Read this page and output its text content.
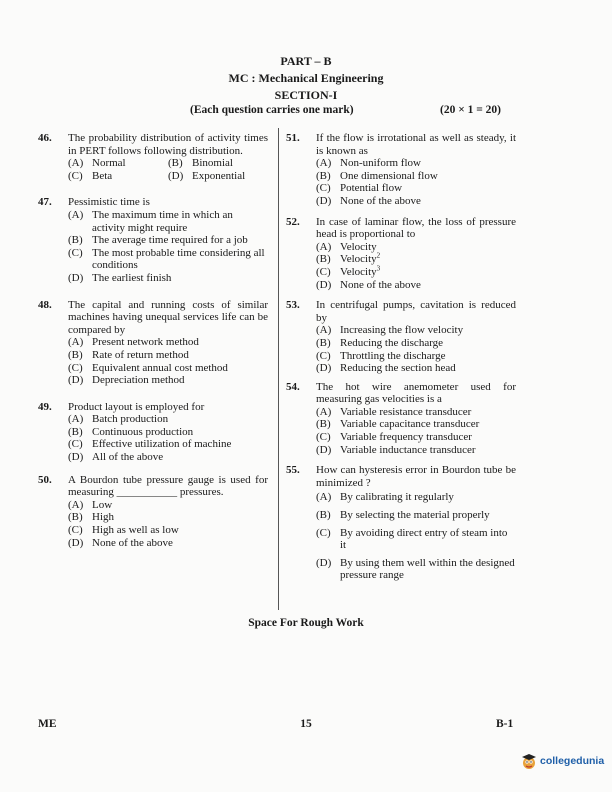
PART – B
MC : Mechanical Engineering
SECTION-I
(Each question carries one mark)	(20 × 1 = 20)
46. The probability distribution of activity times in PERT follows following distribution.
(A) Normal	(B) Binomial
(C) Beta	(D) Exponential
47. Pessimistic time is
(A) The maximum time in which an activity might require
(B) The average time required for a job
(C) The most probable time considering all conditions
(D) The earliest finish
48. The capital and running costs of similar machines having unequal services life can be compared by
(A) Present network method
(B) Rate of return method
(C) Equivalent annual cost method
(D) Depreciation method
49. Product layout is employed for
(A) Batch production
(B) Continuous production
(C) Effective utilization of machine
(D) All of the above
50. A Bourdon tube pressure gauge is used for measuring ___________ pressures.
(A) Low
(B) High
(C) High as well as low
(D) None of the above
51. If the flow is irrotational as well as steady, it is known as
(A) Non-uniform flow
(B) One dimensional flow
(C) Potential flow
(D) None of the above
52. In case of laminar flow, the loss of pressure head is proportional to
(A) Velocity
(B) Velocity$^2$
(C) Velocity$^3$
(D) None of the above
53. In centrifugal pumps, cavitation is reduced by
(A) Increasing the flow velocity
(B) Reducing the discharge
(C) Throttling the discharge
(D) Reducing the section head
54. The hot wire anemometer used for measuring gas velocities is a
(A) Variable resistance transducer
(B) Variable capacitance transducer
(C) Variable frequency transducer
(D) Variable inductance transducer
55. How can hysteresis error in Bourdon tube be minimized ?
(A) By calibrating it regularly
(B) By selecting the material properly
(C) By avoiding direct entry of steam into it
(D) By using them well within the designed pressure range
Space For Rough Work
ME	15	B-1
collegedunia
